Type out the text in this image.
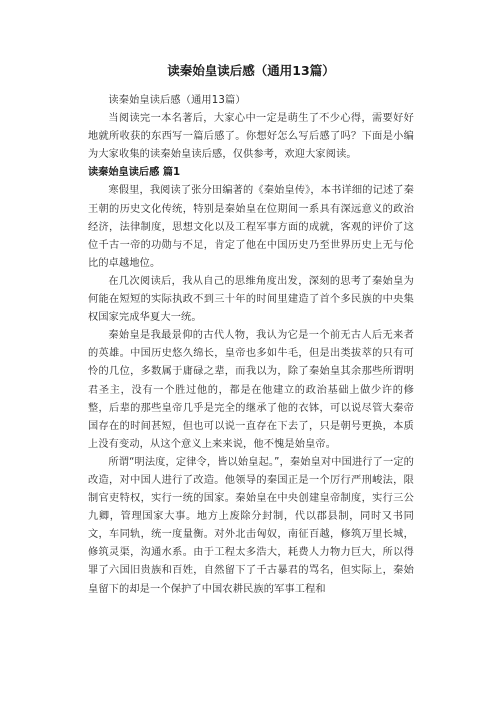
读秦始皇读后感（通用13篇）

读秦始皇读后感（通用13篇）

当阅读完一本名著后，大家心中一定是萌生了不少心得，需要好好地就所收获的东西写一篇后感了。你想好怎么写后感了吗？下面是小编为大家收集的读秦始皇读后感，仅供参考，欢迎大家阅读。

读秦始皇读后感 篇1

寒假里，我阅读了张分田编著的《秦始皇传》，本书详细的记述了秦王朝的历史文化传统，特别是秦始皇在位期间一系具有深远意义的政治经济，法律制度，思想文化以及工程军事方面的成就，客观的评价了这位千古一帝的功勋与不足，肯定了他在中国历史乃至世界历史上无与伦比的卓越地位。

在几次阅读后，我从自己的思维角度出发，深刻的思考了秦始皇为何能在短短的实际执政不到三十年的时间里建造了首个多民族的中央集权国家完成华夏大一统。

秦始皇是我最景仰的古代人物，我认为它是一个前无古人后无来者的英雄。中国历史悠久绵长，皇帝也多如牛毛，但是出类拔萃的只有可怜的几位，多数属于庸碌之辈，而我以为，除了秦始皇其余那些所谓明君圣主，没有一个胜过他的，都是在他建立的政治基础上做少许的修整，后辈的那些皇帝几乎是完全的继承了他的衣钵，可以说尽管大秦帝国存在的时间甚短，但也可以说一直存在下去了，只是朝号更换，本质上没有变动，从这个意义上来来说，他不愧是始皇帝。

所谓“明法度，定律令，皆以始皇起。”，秦始皇对中国进行了一定的改造，对中国人进行了改造。他领导的秦国正是一个厉行严刑峻法，限制官吏特权，实行一统的国家。秦始皇在中央创建皇帝制度，实行三公九卿，管理国家大事。地方上废除分封制，代以郡县制，同时又书同文，车同轨，统一度量衡。对外北击匈奴，南征百越，修筑万里长城，修筑灵渠，沟通水系。由于工程太多浩大，耗费人力物力巨大，所以得罪了六国旧贵族和百姓，自然留下了千古暴君的骂名，但实际上，秦始皇留下的却是一个保护了中国农耕民族的军事工程和
